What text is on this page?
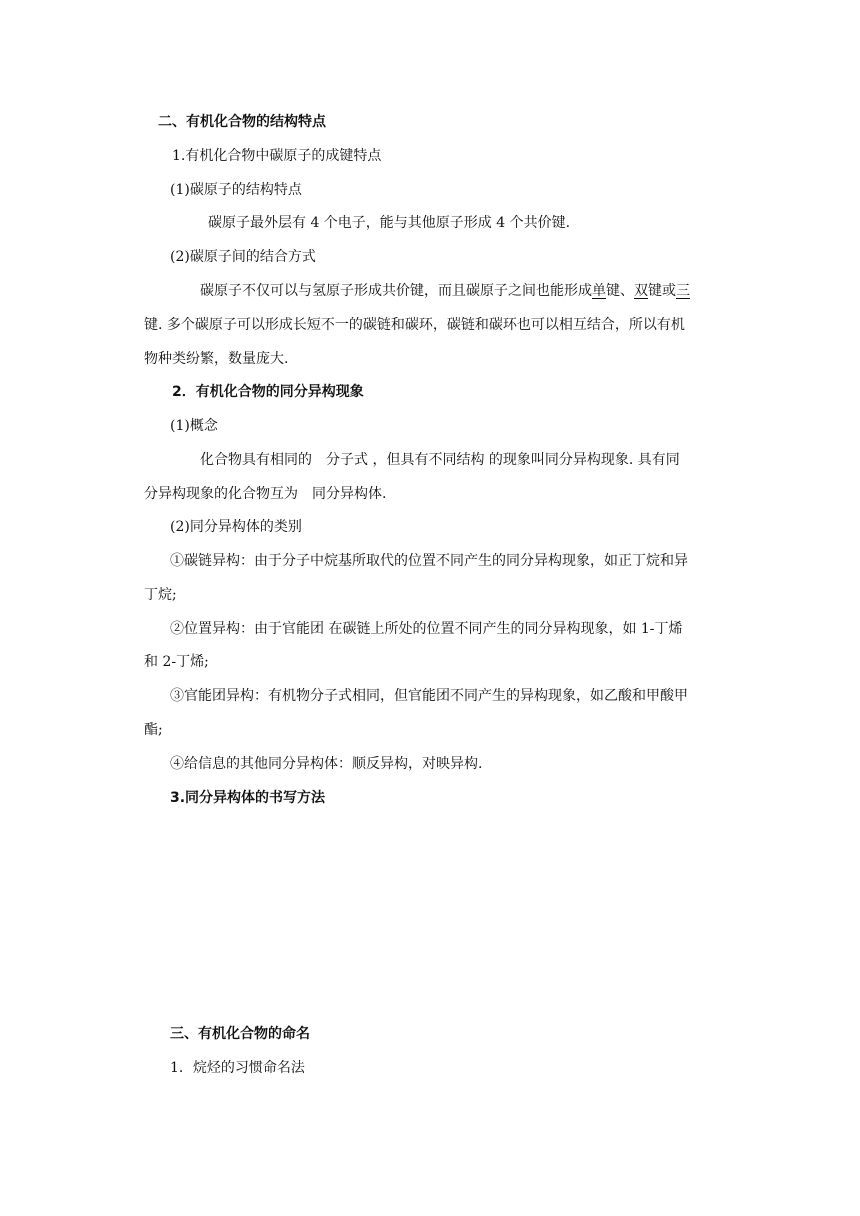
二、有机化合物的结构特点
1.有机化合物中碳原子的成键特点
(1)碳原子的结构特点
碳原子最外层有 4 个电子，能与其他原子形成 4 个共价键.
(2)碳原子间的结合方式
碳原子不仅可以与氢原子形成共价键，而且碳原子之间也能形成单键、双键或三
键. 多个碳原子可以形成长短不一的碳链和碳环，碳链和碳环也可以相互结合，所以有机
物种类纷繁，数量庞大.
2．有机化合物的同分异构现象
(1)概念
化合物具有相同的　分子式 ，但具有不同结构 的现象叫同分异构现象. 具有同
分异构现象的化合物互为　同分异构体.
(2)同分异构体的类别
①碳链异构：由于分子中烷基所取代的位置不同产生的同分异构现象，如正丁烷和异
丁烷;
②位置异构：由于官能团 在碳链上所处的位置不同产生的同分异构现象，如 1-丁烯
和 2-丁烯;
③官能团异构：有机物分子式相同，但官能团不同产生的异构现象，如乙酸和甲酸甲
酯;
④给信息的其他同分异构体：顺反异构，对映异构.
3.同分异构体的书写方法
三、有机化合物的命名
1．烷烃的习惯命名法
